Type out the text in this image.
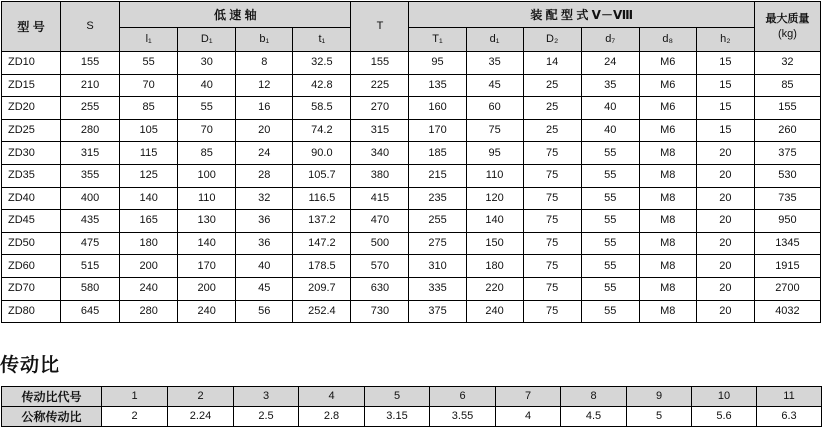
型 号	S	低 速 轴				T	装 配 型 式 Ⅴ－Ⅷ						最大质量
(kg)
		l₁	D₁	b₁	t₁		T₁	d₁	D₂	d₇	d₈	h₂	
ZD10	155	55	30	8	32.5	155	95	35	14	24	M6	15	32
ZD15	210	70	40	12	42.8	225	135	45	25	35	M6	15	85
ZD20	255	85	55	16	58.5	270	160	60	25	40	M6	15	155
ZD25	280	105	70	20	74.2	315	170	75	25	40	M6	15	260
ZD30	315	115	85	24	90.0	340	185	95	75	55	M8	20	375
ZD35	355	125	100	28	105.7	380	215	110	75	55	M8	20	530
ZD40	400	140	110	32	116.5	415	235	120	75	55	M8	20	735
ZD45	435	165	130	36	137.2	470	255	140	75	55	M8	20	950
ZD50	475	180	140	36	147.2	500	275	150	75	55	M8	20	1345
ZD60	515	200	170	40	178.5	570	310	180	75	55	M8	20	1915
ZD70	580	240	200	45	209.7	630	335	220	75	55	M8	20	2700
ZD80	645	280	240	56	252.4	730	375	240	75	55	M8	20	4032
传动比
传动比代号	1	2	3	4	5	6	7	8	9	10	11
公称传动比	2	2.24	2.5	2.8	3.15	3.55	4	4.5	5	5.6	6.3
